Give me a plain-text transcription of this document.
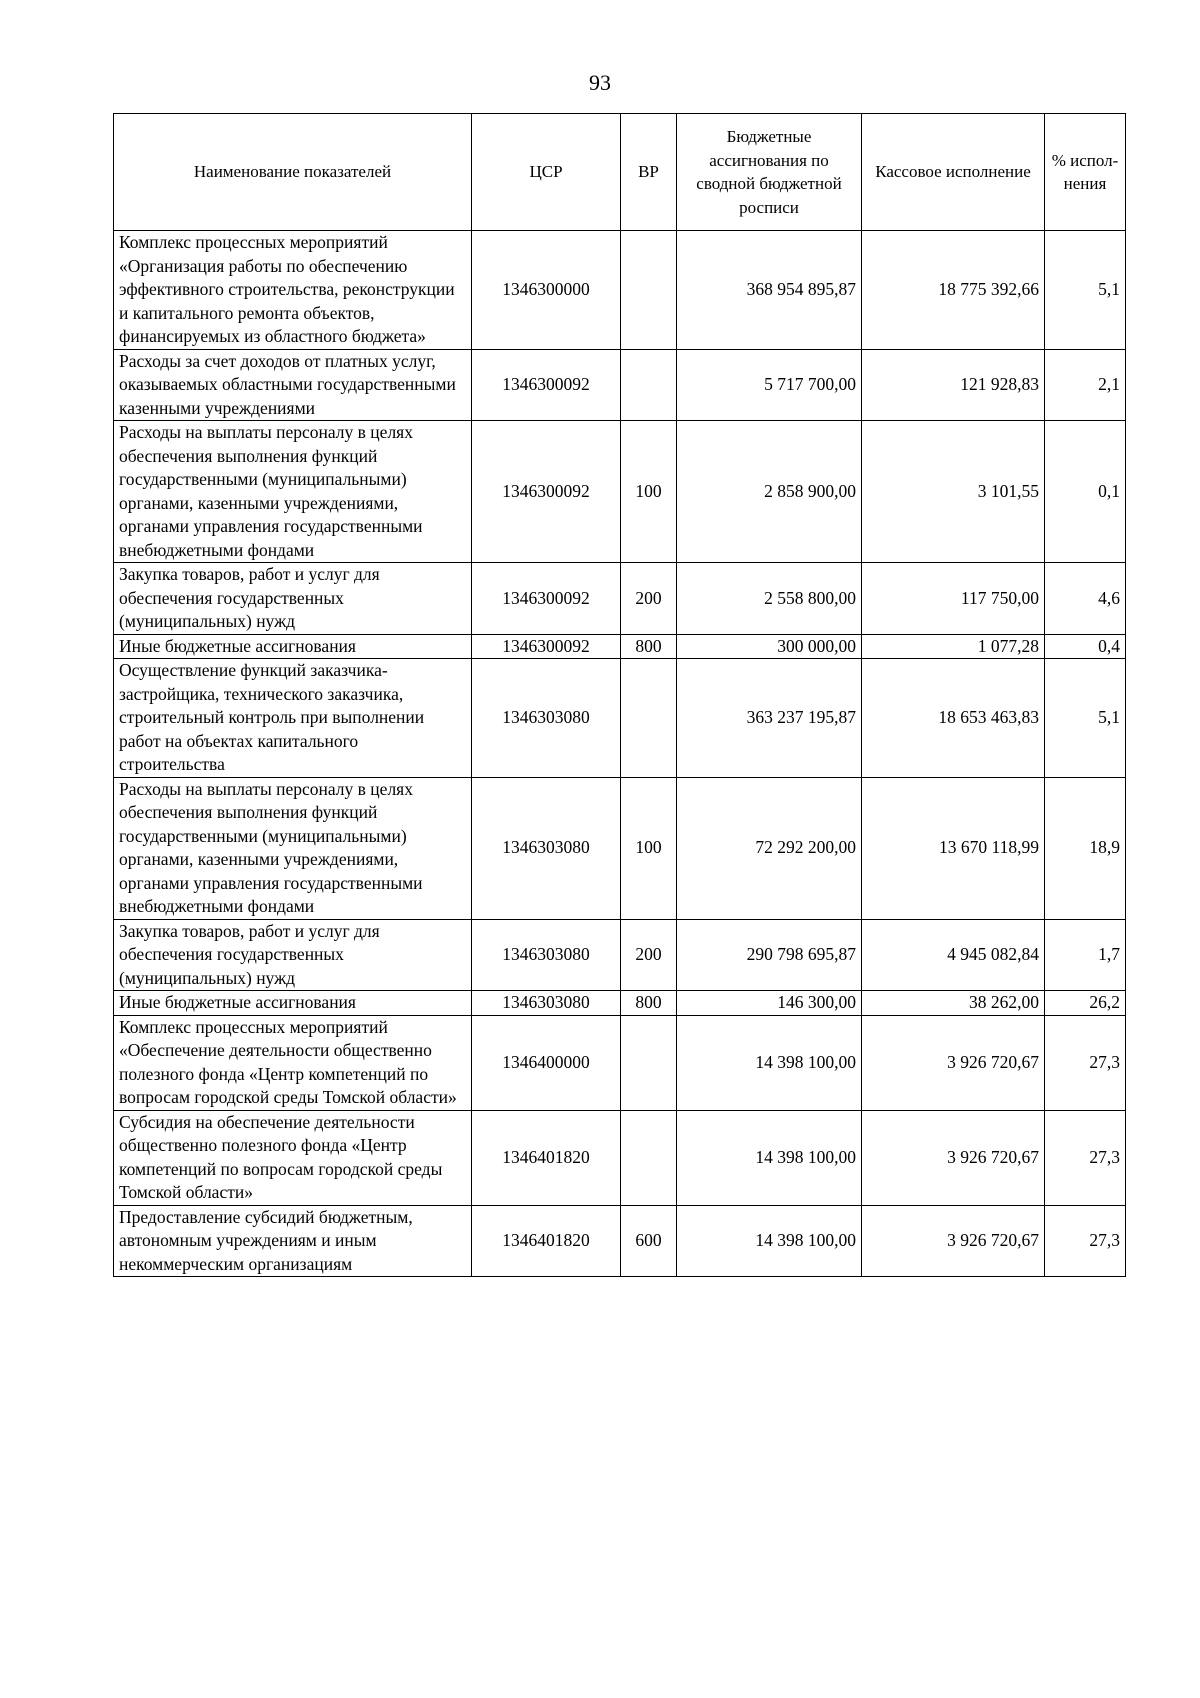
93
Наименование показателей	ЦСР	ВР	Бюджетные ассигнования по сводной бюджетной росписи	Кассовое исполнение	% испол-нения
Комплекс процессных мероприятий «Организация работы по обеспечению эффективного строительства, реконструкции и капитального ремонта объектов, финансируемых из областного бюджета»	1346300000		368 954 895,87	18 775 392,66	5,1
Расходы за счет доходов от платных услуг, оказываемых областными государственными казенными учреждениями	1346300092		5 717 700,00	121 928,83	2,1
Расходы на выплаты персоналу в целях обеспечения выполнения функций государственными (муниципальными) органами, казенными учреждениями, органами управления государственными внебюджетными фондами	1346300092	100	2 858 900,00	3 101,55	0,1
Закупка товаров, работ и услуг для обеспечения государственных (муниципальных) нужд	1346300092	200	2 558 800,00	117 750,00	4,6
Иные бюджетные ассигнования	1346300092	800	300 000,00	1 077,28	0,4
Осуществление функций заказчика-застройщика, технического заказчика, строительный контроль при выполнении работ на объектах капитального строительства	1346303080		363 237 195,87	18 653 463,83	5,1
Расходы на выплаты персоналу в целях обеспечения выполнения функций государственными (муниципальными) органами, казенными учреждениями, органами управления государственными внебюджетными фондами	1346303080	100	72 292 200,00	13 670 118,99	18,9
Закупка товаров, работ и услуг для обеспечения государственных (муниципальных) нужд	1346303080	200	290 798 695,87	4 945 082,84	1,7
Иные бюджетные ассигнования	1346303080	800	146 300,00	38 262,00	26,2
Комплекс процессных мероприятий «Обеспечение деятельности общественно полезного фонда «Центр компетенций по вопросам городской среды Томской области»	1346400000		14 398 100,00	3 926 720,67	27,3
Субсидия на обеспечение деятельности общественно полезного фонда «Центр компетенций по вопросам городской среды Томской области»	1346401820		14 398 100,00	3 926 720,67	27,3
Предоставление субсидий бюджетным, автономным учреждениям и иным некоммерческим организациям	1346401820	600	14 398 100,00	3 926 720,67	27,3
